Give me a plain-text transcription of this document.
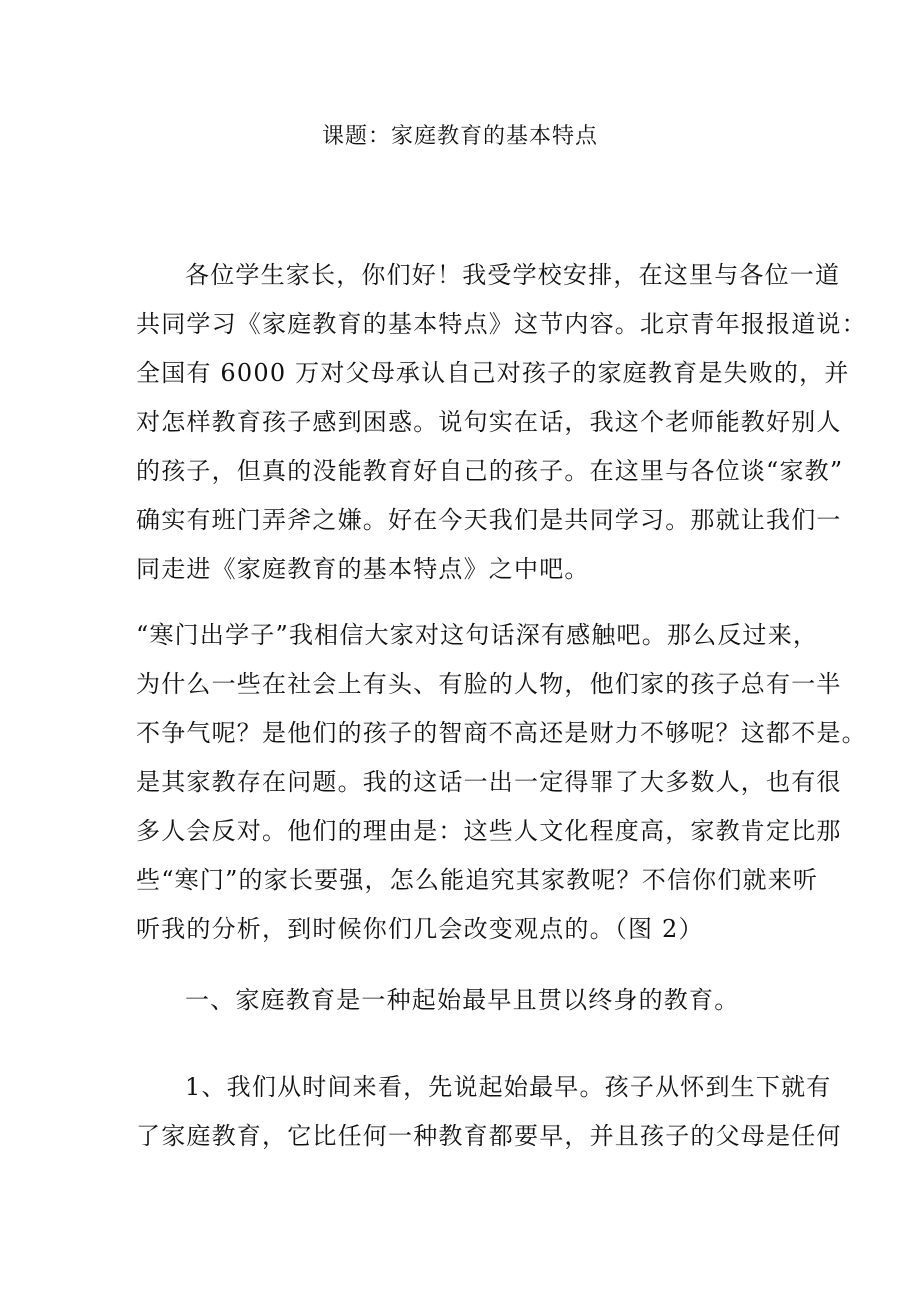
课题：家庭教育的基本特点

各位学生家长，你们好！我受学校安排，在这里与各位一道

共同学习《家庭教育的基本特点》这节内容。北京青年报报道说：

全国有 6000 万对父母承认自己对孩子的家庭教育是失败的，并

对怎样教育孩子感到困惑。说句实在话，我这个老师能教好别人

的孩子，但真的没能教育好自己的孩子。在这里与各位谈“家教”

确实有班门弄斧之嫌。好在今天我们是共同学习。那就让我们一

同走进《家庭教育的基本特点》之中吧。

“寒门出学子”我相信大家对这句话深有感触吧。那么反过来，

为什么一些在社会上有头、有脸的人物，他们家的孩子总有一半

不争气呢？是他们的孩子的智商不高还是财力不够呢？这都不是。

是其家教存在问题。我的这话一出一定得罪了大多数人，也有很

多人会反对。他们的理由是：这些人文化程度高，家教肯定比那

些“寒门”的家长要强，怎么能追究其家教呢？不信你们就来听

听我的分析，到时候你们几会改变观点的。（图 2）

一、家庭教育是一种起始最早且贯以终身的教育。

1、我们从时间来看，先说起始最早。孩子从怀到生下就有

了家庭教育，它比任何一种教育都要早，并且孩子的父母是任何
